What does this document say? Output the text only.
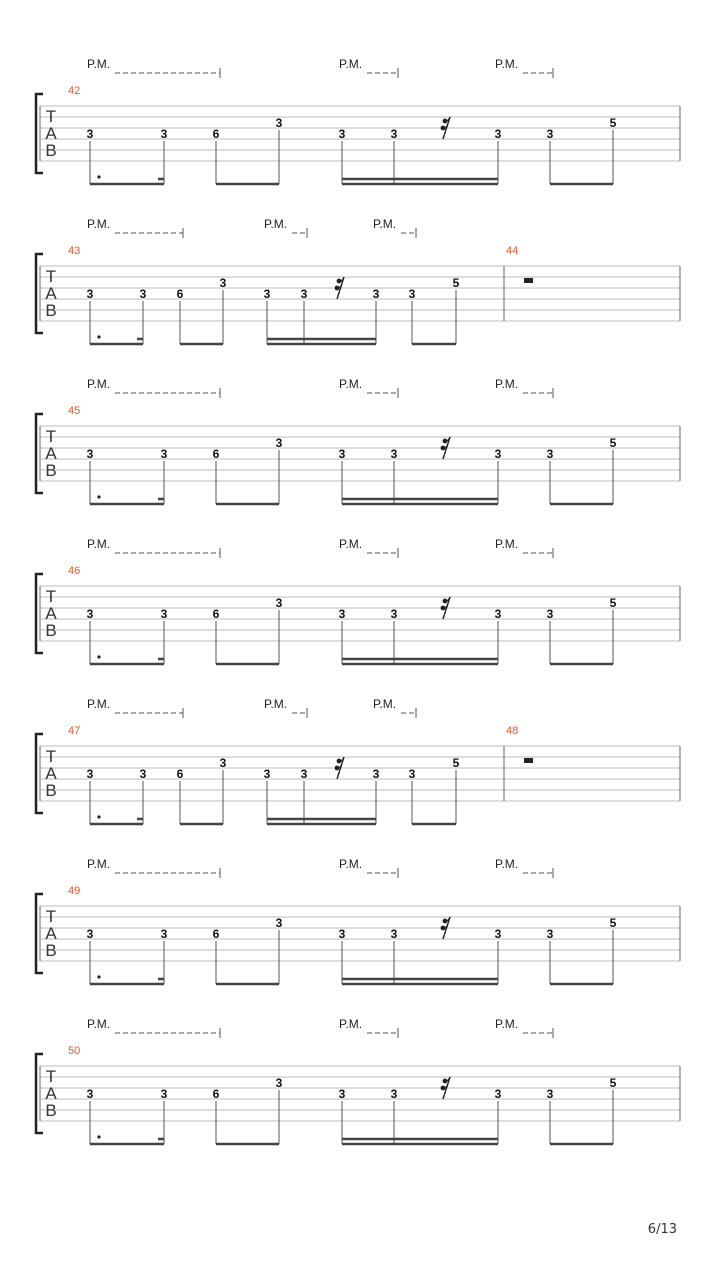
P.M.	P.M.	P.M.
T
A
B
42
3	3	6
3
3	3	3	3
5
P.M.	P.M.	P.M.
T
A
B
43	44
3	3	6
3
3	3	3 3
5
P.M.	P.M.	P.M.
T
A
B
45
3	3	6
3
3	3	3	3
5
P.M.	P.M.	P.M.
T
A
B
46
3	3	6
3
3	3	3	3
5
P.M.	P.M.	P.M.
T
A
B
47	48
3	3	6
3
3	3	3 3
5
P.M.	P.M.	P.M.
T
A
B
49
3	3	6
3
3	3	3	3
5
P.M.	P.M.	P.M.
T
A
B
50
3	3	6
3
3	3	3	3
5
6/13
